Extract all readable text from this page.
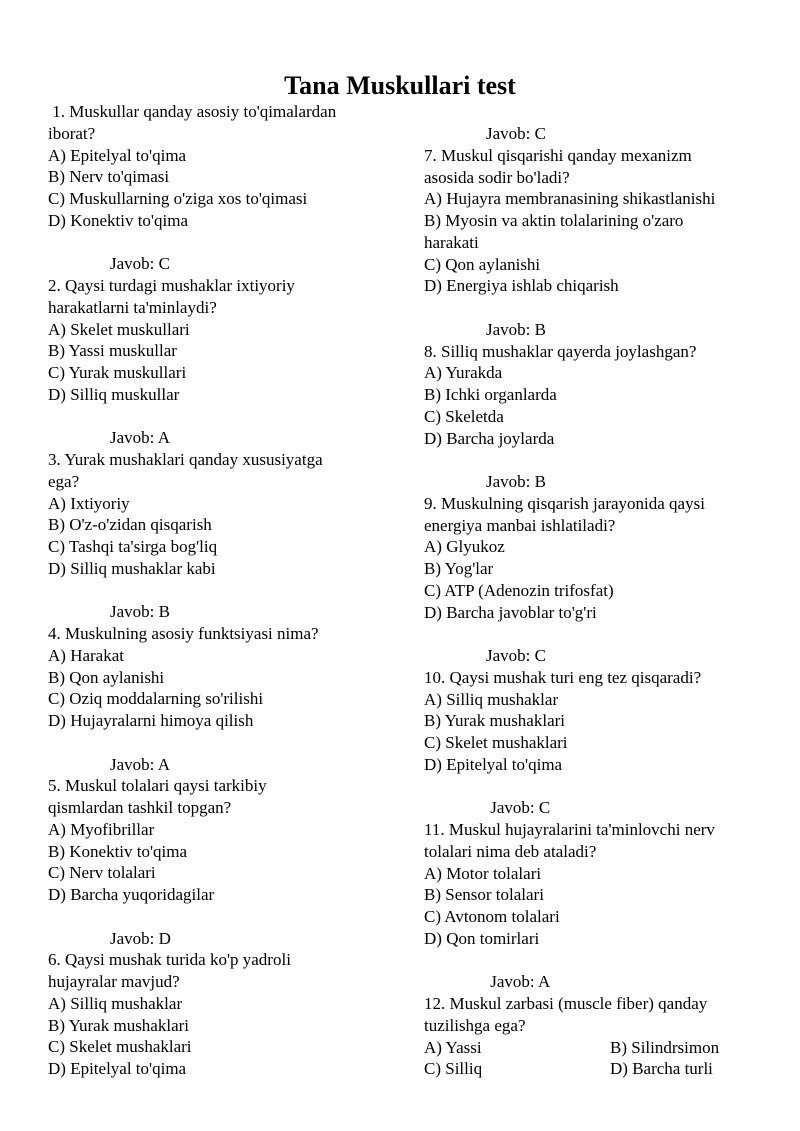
Tana Muskullari test
1. Muskullar qanday asosiy to'qimalardan
iborat?
A) Epitelyal to'qima
B) Nerv to'qimasi
C) Muskullarning o'ziga xos to'qimasi
D) Konektiv to'qima
Javob: C
2. Qaysi turdagi mushaklar ixtiyoriy
harakatlarni ta'minlaydi?
A) Skelet muskullari
B) Yassi muskullar
C) Yurak muskullari
D) Silliq muskullar
Javob: A
3. Yurak mushaklari qanday xususiyatga
ega?
A) Ixtiyoriy
B) O'z-o'zidan qisqarish
C) Tashqi ta'sirga bog'liq
D) Silliq mushaklar kabi
Javob: B
4. Muskulning asosiy funktsiyasi nima?
A) Harakat
B) Qon aylanishi
C) Oziq moddalarning so'rilishi
D) Hujayralarni himoya qilish
Javob: A
5. Muskul tolalari qaysi tarkibiy
qismlardan tashkil topgan?
A) Myofibrillar
B) Konektiv to'qima
C) Nerv tolalari
D) Barcha yuqoridagilar
Javob: D
6. Qaysi mushak turida ko'p yadroli
hujayralar mavjud?
A) Silliq mushaklar
B) Yurak mushaklari
C) Skelet mushaklari
D) Epitelyal to'qima
Javob: C
7. Muskul qisqarishi qanday mexanizm
asosida sodir bo'ladi?
A) Hujayra membranasining shikastlanishi
B) Myosin va aktin tolalarining o'zaro
harakati
C) Qon aylanishi
D) Energiya ishlab chiqarish
Javob: B
8. Silliq mushaklar qayerda joylashgan?
A) Yurakda
B) Ichki organlarda
C) Skeletda
D) Barcha joylarda
Javob: B
9. Muskulning qisqarish jarayonida qaysi
energiya manbai ishlatiladi?
A) Glyukoz
B) Yog'lar
C) ATP (Adenozin trifosfat)
D) Barcha javoblar to'g'ri
Javob: C
10. Qaysi mushak turi eng tez qisqaradi?
A) Silliq mushaklar
B) Yurak mushaklari
C) Skelet mushaklari
D) Epitelyal to'qima
Javob: C
11. Muskul hujayralarini ta'minlovchi nerv
tolalari nima deb ataladi?
A) Motor tolalari
B) Sensor tolalari
C) Avtonom tolalari
D) Qon tomirlari
Javob: A
12. Muskul zarbasi (muscle fiber) qanday
tuzilishga ega?
A) Yassi	B) Silindrsimon
C) Silliq	D) Barcha turli
